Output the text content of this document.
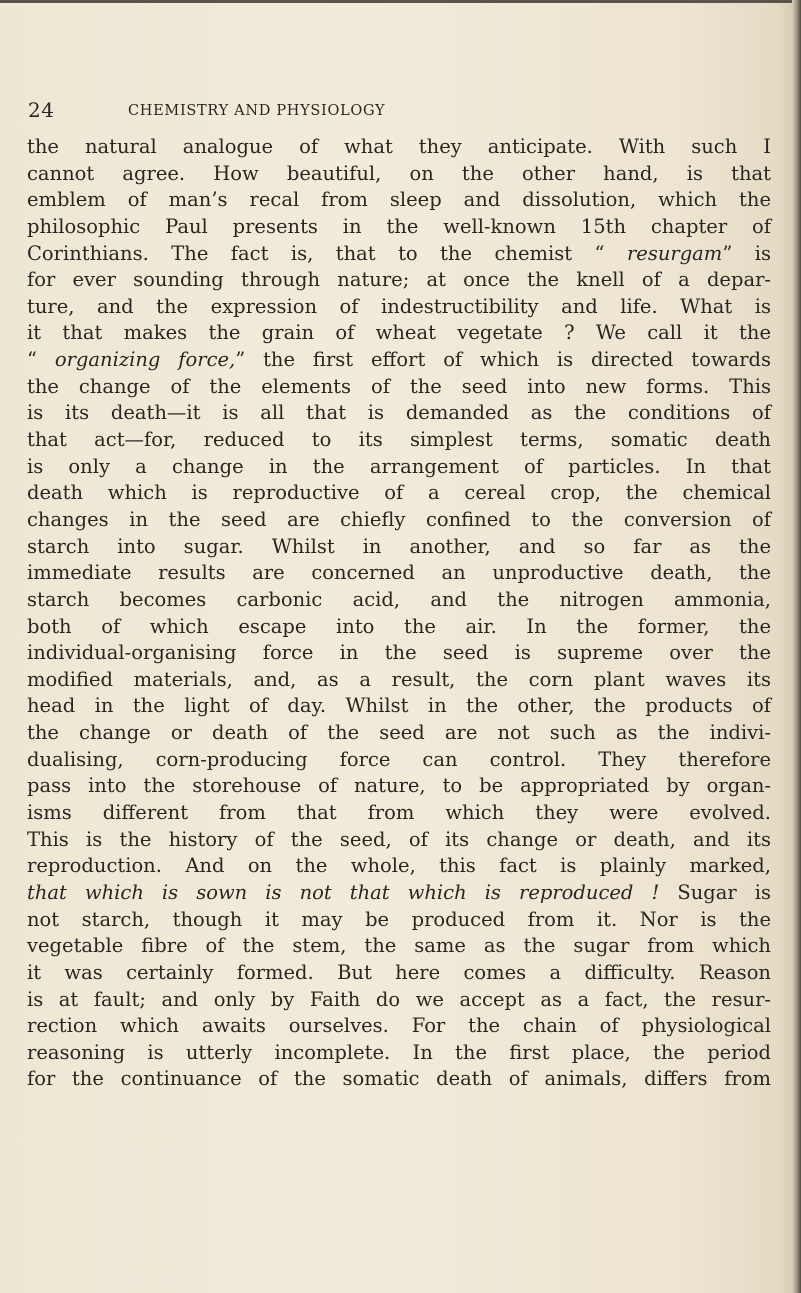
24	CHEMISTRY AND PHYSIOLOGY
the natural analogue of what they anticipate. With such I
cannot agree. How beautiful, on the other hand, is that
emblem of man’s recal from sleep and dissolution, which the
philosophic Paul presents in the well-known 15th chapter of
Corinthians. The fact is, that to the chemist “ resurgam” is
for ever sounding through nature; at once the knell of a depar-
ture, and the expression of indestructibility and life. What is
it that makes the grain of wheat vegetate ? We call it the
“ organizing force,” the first effort of which is directed towards
the change of the elements of the seed into new forms. This
is its death—it is all that is demanded as the conditions of
that act—for, reduced to its simplest terms, somatic death
is only a change in the arrangement of particles. In that
death which is reproductive of a cereal crop, the chemical
changes in the seed are chiefly confined to the conversion of
starch into sugar. Whilst in another, and so far as the
immediate results are concerned an unproductive death, the
starch becomes carbonic acid, and the nitrogen ammonia,
both of which escape into the air. In the former, the
individual-organising force in the seed is supreme over the
modified materials, and, as a result, the corn plant waves its
head in the light of day. Whilst in the other, the products of
the change or death of the seed are not such as the indivi-
dualising, corn-producing force can control. They therefore
pass into the storehouse of nature, to be appropriated by organ-
isms different from that from which they were evolved.
This is the history of the seed, of its change or death, and its
reproduction. And on the whole, this fact is plainly marked,
that which is sown is not that which is reproduced ! Sugar is
not starch, though it may be produced from it. Nor is the
vegetable fibre of the stem, the same as the sugar from which
it was certainly formed. But here comes a difficulty. Reason
is at fault; and only by Faith do we accept as a fact, the resur-
rection which awaits ourselves. For the chain of physiological
reasoning is utterly incomplete. In the first place, the period
for the continuance of the somatic death of animals, differs from
